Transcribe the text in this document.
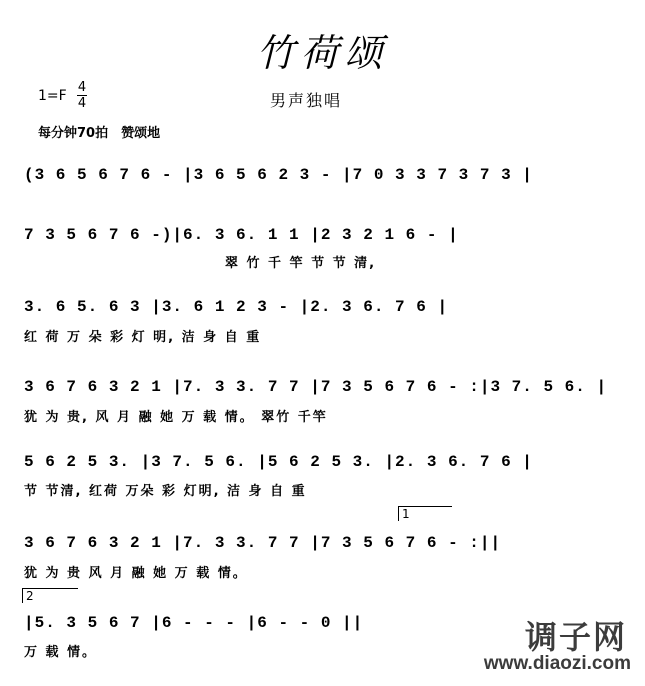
竹荷颂
1=F
4
4	男声独唱
每分钟70拍　赞颂地
(3 6 5 6 7 6 - |3 6 5 6 2 3 - |7 0 3 3 7 3 7 3 |
7 3 5 6 7 6 -)|6. 3 6. 1 1 |2 3 2 1 6 - |
翠 竹 千 竿 节 节 清,
3. 6 5. 6 3 |3. 6 1 2 3 - |2. 3 6. 7 6 |
红 荷 万 朵 彩 灯 明, 洁 身 自 重
3 6 7 6 3 2 1 |7. 3 3. 7 7 |7 3 5 6 7 6 - :|3 7. 5 6. |
犹 为 贵, 风 月 融 她 万 载 情。 翠竹 千竿
5 6 2 5 3. |3 7. 5 6. |5 6 2 5 3. |2. 3 6. 7 6 |
节 节清, 红荷 万朵 彩 灯明, 洁 身 自 重
1
3 6 7 6 3 2 1 |7. 3 3. 7 7 |7 3 5 6 7 6 - :||
犹 为 贵 风 月 融 她 万 载 情。
2
|5. 3 5 6 7 |6 - - - |6 - - 0 ||
万 载 情。	调子网
www.diaozi.com
